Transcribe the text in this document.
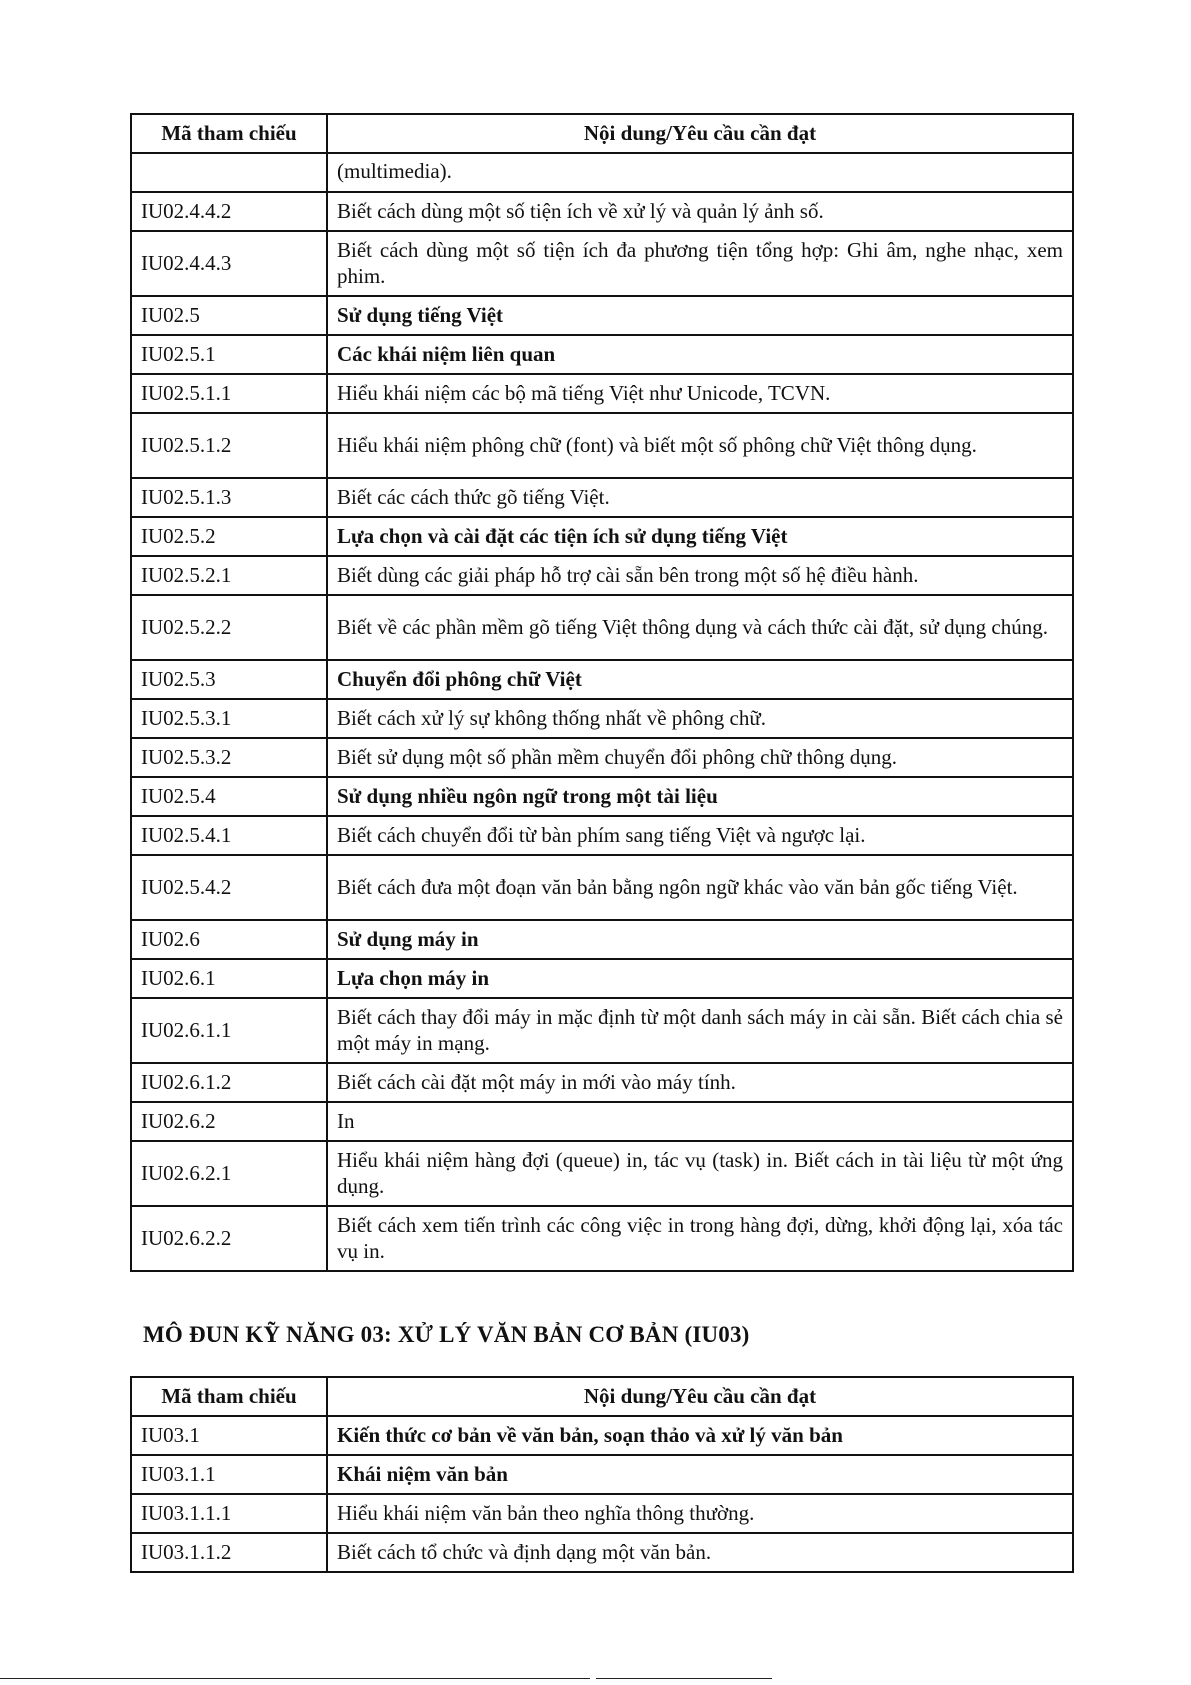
Mã tham chiếu	Nội dung/Yêu cầu cần đạt
	(multimedia).
IU02.4.4.2	Biết cách dùng một số tiện ích về xử lý và quản lý ảnh số.
IU02.4.4.3	Biết cách dùng một số tiện ích đa phương tiện tổng hợp: Ghi âm, nghe nhạc, xem phim.
IU02.5	Sử dụng tiếng Việt
IU02.5.1	Các khái niệm liên quan
IU02.5.1.1	Hiểu khái niệm các bộ mã tiếng Việt như Unicode, TCVN.
IU02.5.1.2	Hiểu khái niệm phông chữ (font) và biết một số phông chữ Việt thông dụng.
IU02.5.1.3	Biết các cách thức gõ tiếng Việt.
IU02.5.2	Lựa chọn và cài đặt các tiện ích sử dụng tiếng Việt
IU02.5.2.1	Biết dùng các giải pháp hỗ trợ cài sẵn bên trong một số hệ điều hành.
IU02.5.2.2	Biết về các phần mềm gõ tiếng Việt thông dụng và cách thức cài đặt, sử dụng chúng.
IU02.5.3	Chuyển đổi phông chữ Việt
IU02.5.3.1	Biết cách xử lý sự không thống nhất về phông chữ.
IU02.5.3.2	Biết sử dụng một số phần mềm chuyển đổi phông chữ thông dụng.
IU02.5.4	Sử dụng nhiều ngôn ngữ trong một tài liệu
IU02.5.4.1	Biết cách chuyển đổi từ bàn phím sang tiếng Việt và ngược lại.
IU02.5.4.2	Biết cách đưa một đoạn văn bản bằng ngôn ngữ khác vào văn bản gốc tiếng Việt.
IU02.6	Sử dụng máy in
IU02.6.1	Lựa chọn máy in
IU02.6.1.1	Biết cách thay đổi máy in mặc định từ một danh sách máy in cài sẵn. Biết cách chia sẻ một máy in mạng.
IU02.6.1.2	Biết cách cài đặt một máy in mới vào máy tính.
IU02.6.2	In
IU02.6.2.1	Hiểu khái niệm hàng đợi (queue) in, tác vụ (task) in. Biết cách in tài liệu từ một ứng dụng.
IU02.6.2.2	Biết cách xem tiến trình các công việc in trong hàng đợi, dừng, khởi động lại, xóa tác vụ in.
MÔ ĐUN KỸ NĂNG 03: XỬ LÝ VĂN BẢN CƠ BẢN (IU03)
Mã tham chiếu	Nội dung/Yêu cầu cần đạt
IU03.1	Kiến thức cơ bản về văn bản, soạn thảo và xử lý văn bản
IU03.1.1	Khái niệm văn bản
IU03.1.1.1	Hiểu khái niệm văn bản theo nghĩa thông thường.
IU03.1.1.2	Biết cách tổ chức và định dạng một văn bản.
